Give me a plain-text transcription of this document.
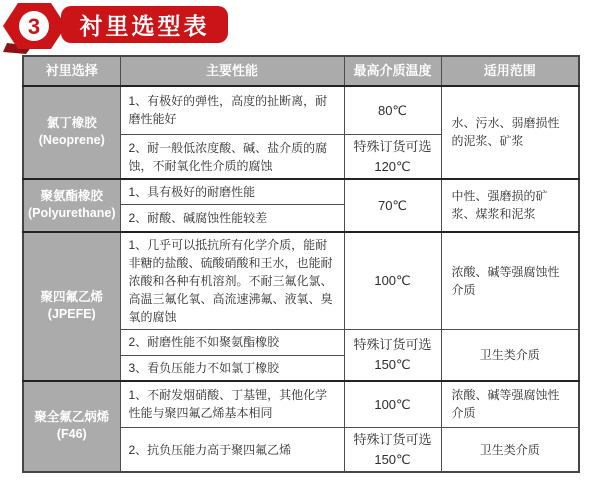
3	衬里选型表
衬里选择	主要性能	最高介质温度	适用范围

氯丁橡胶
(Neoprene)	1、有极好的弹性，高度的扯断离，耐磨性能好	80℃	水、污水、弱磨损性的泥浆、矿浆
	2、耐一般低浓度酸、碱、盐介质的腐蚀，不耐氧化性介质的腐蚀	特殊订货可选120℃	

聚氨酯橡胶
(Polyurethane)	1、具有极好的耐磨性能	70℃	中性、强磨损的矿浆、煤浆和泥浆
	2、耐酸、碱腐蚀性能较差		

聚四氟乙烯
(JPEFE)	1、几乎可以抵抗所有化学介质，能耐非糖的盐酸、硫酸硝酸和王水，也能耐浓酸和各种有机溶剂。不耐三氟化氯、高温三氟化氧、高流速沸氟、液氧、臭氧的腐蚀	100℃	浓酸、碱等强腐蚀性介质
	2、耐磨性能不如聚氨酯橡胶	特殊订货可选150℃	卫生类介质
	3、看负压能力不如氯丁橡胶		

聚全氟乙炳烯
(F46)	1、不耐发烟硝酸、丁基锂，其他化学性能与聚四氟乙烯基本相同	100℃	浓酸、碱等强腐蚀性介质
	2、抗负压能力高于聚四氟乙烯	特殊订货可选150℃	卫生类介质
